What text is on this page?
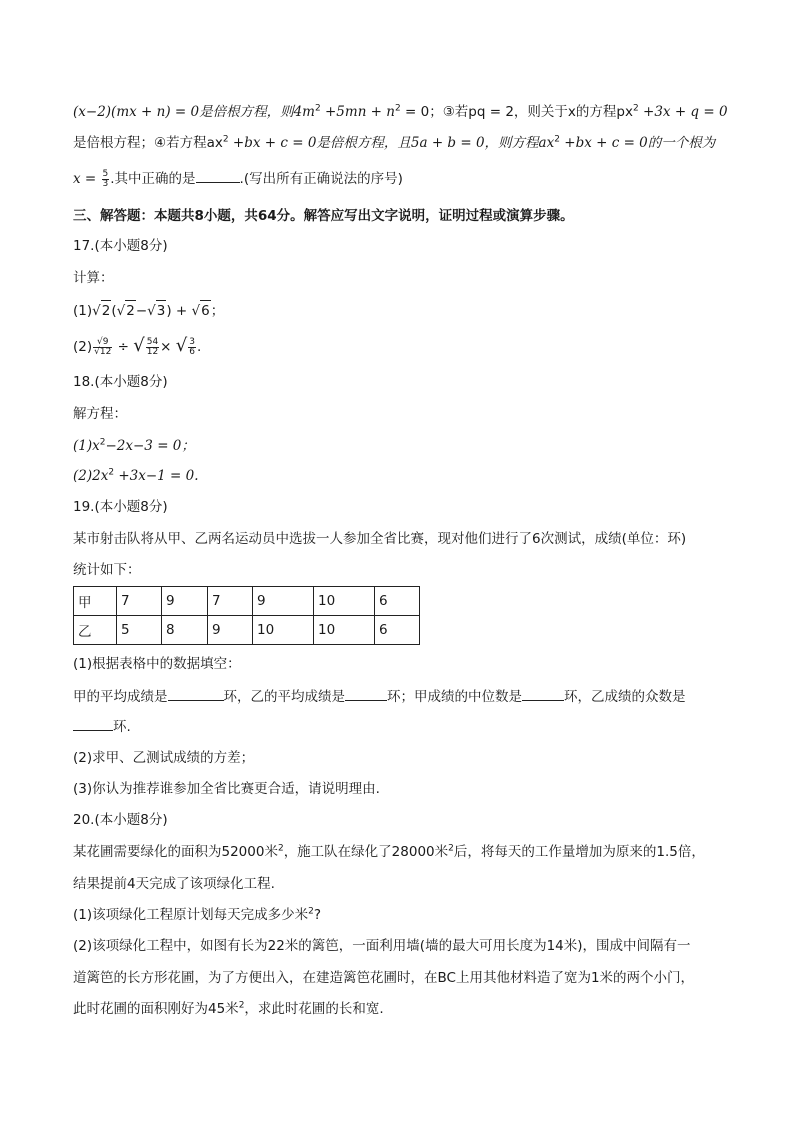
(x−2)(mx + n) = 0是倍根方程，则$4m^2 +5mn + n^2 = 0$；③若pq = 2，则关于x的方程$px^2 +3x + q = 0$
是倍根方程；④若方程$ax^2 +bx + c = 0$是倍根方程，且5a + b = 0，则方程$ax^2 +bx + c = 0$的一个根为
$x = \frac{5}{3}$ .其中正确的是	.(写出所有正确说法的序号)
三、解答题：本题共8小题，共64分。解答应写出文字说明，证明过程或演算步骤。
17.(本小题8分)
计算：
(1)√2(√2−√3) + √6；
$(2) \frac{√9}{√12}$ ÷ √ $\frac{54}{12}$ × √ $\frac{3}{6}$ .
18.(本小题8分)
解方程：
$(1)x^2-2x-3 = 0$；
$(2)2x^2 +3x-1 = 0$.
19.(本小题8分)
某市射击队将从甲、乙两名运动员中选拔一人参加全省比赛，现对他们进行了6次测试，成绩(单位：环)
统计如下：
甲	7	9	7	9	10	6
乙	5	8	9	10	10	6
(1)根据表格中的数据填空：
甲的平均成绩是	环，乙的平均成绩是	环；甲成绩的中位数是	环，乙成绩的众数是
环.
(2)求甲、乙测试成绩的方差；
(3)你认为推荐谁参加全省比赛更合适，请说明理由.
20.(本小题8分)
某花圃需要绿化的面积为52000米$^2$，施工队在绿化了28000米$^2$后，将每天的工作量增加为原来的1.5倍，
结果提前4天完成了该项绿化工程.
(1)该项绿化工程原计划每天完成多少米$^2$?
(2)该项绿化工程中，如图有长为22米的篱笆，一面利用墙(墙的最大可用长度为14米)，围成中间隔有一
道篱笆的长方形花圃，为了方便出入，在建造篱笆花圃时，在BC上用其他材料造了宽为1米的两个小门，
此时花圃的面积刚好为45米$^2$，求此时花圃的长和宽.
